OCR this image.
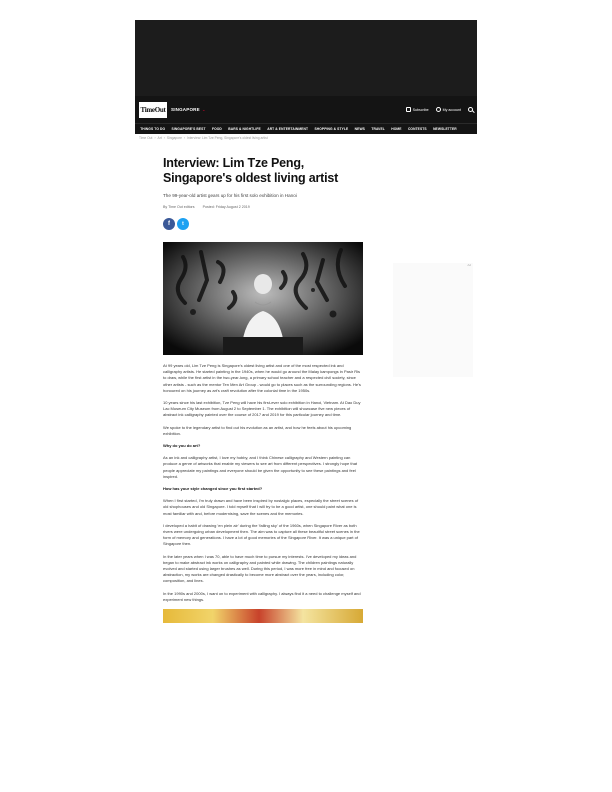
TimeOut	SINGAPORE ⌄	Subscribe	My account
THINGS TO DO	SINGAPORE'S BEST	FOOD	BARS & NIGHTLIFE	ART & ENTERTAINMENT	SHOPPING & STYLE	NEWS	TRAVEL	HOME	CONTESTS	NEWSLETTER
Time Out › Art › Singapore › Interview: Lim Tze Peng, Singapore's oldest living artist
Interview: Lim Tze Peng, Singapore's oldest living artist
The 99-year-old artist gears up for his first solo exhibition in Hanoi
By Time Out editors Posted: Friday August 2 2019
f	t

At 99 years old, Lim Tze Peng is Singapore's oldest living artist and one of the most respected ink and calligraphy artists. He started painting in the 1940s, when he would go around the Malay kampongs in Pasir Ris to draw, while the first artist in the two-year-long, a primary school teacher and a respected civil society, since other artists - such as the mentor Ten Men Art Group - would go to places such as the surrounding regions. He's honoured on his journey as art's craft revolution after the colonial time in the 1950s.

10 years since his last exhibition, Tze Peng will have his first-ever solo exhibition in Hanoi, Vietnam. At Dao Duy Lac Museum City Museum from August 2 to September 1. The exhibition will showcase five new pieces of abstract ink calligraphy painted over the course of 2017 and 2019 for this particular journey and time.

We spoke to the legendary artist to find out his evolution as an artist, and how he feels about his upcoming exhibition.

Why do you do art?

As an ink and calligraphy artist, I love my hobby, and I think Chinese calligraphy and Western painting can produce a genre of artworks that enable my viewers to see art from different perspectives. I strongly hope that people appreciate my paintings and everyone should be given the opportunity to see these paintings and feel inspired.

How has your style changed since you first started?

When I first started, I'm truly drawn and have been inspired by nostalgic places, especially the street scenes of old shophouses and old Singapore. I told myself that I will try to be a good artist, one should paint what one is most familiar with and, before modernising, save the scenes and the memories.

I developed a habit of drawing 'en plein air' during the 'falling sky' of the 1960s, when Singapore River as both rivers were undergoing urban development then. The aim was to capture all these beautiful street scenes in the form of memory and generations. I have a lot of good memories of the Singapore River. It was a unique part of Singapore then.

In the later years when I was 70, able to have much time to pursue my interests. I've developed my ideas and began to make abstract ink works on calligraphy and painted while drawing. The children paintings naturally evolved and started using larger brushes as well. During this period, I was more free in mind and focused on abstraction, my works are changed drastically to become more abstract over the years, including color, composition, and lines.

In the 1990s and 2000s, I want on to experiment with calligraphy. I always find it a need to challenge myself and experiment new things.

Ad
